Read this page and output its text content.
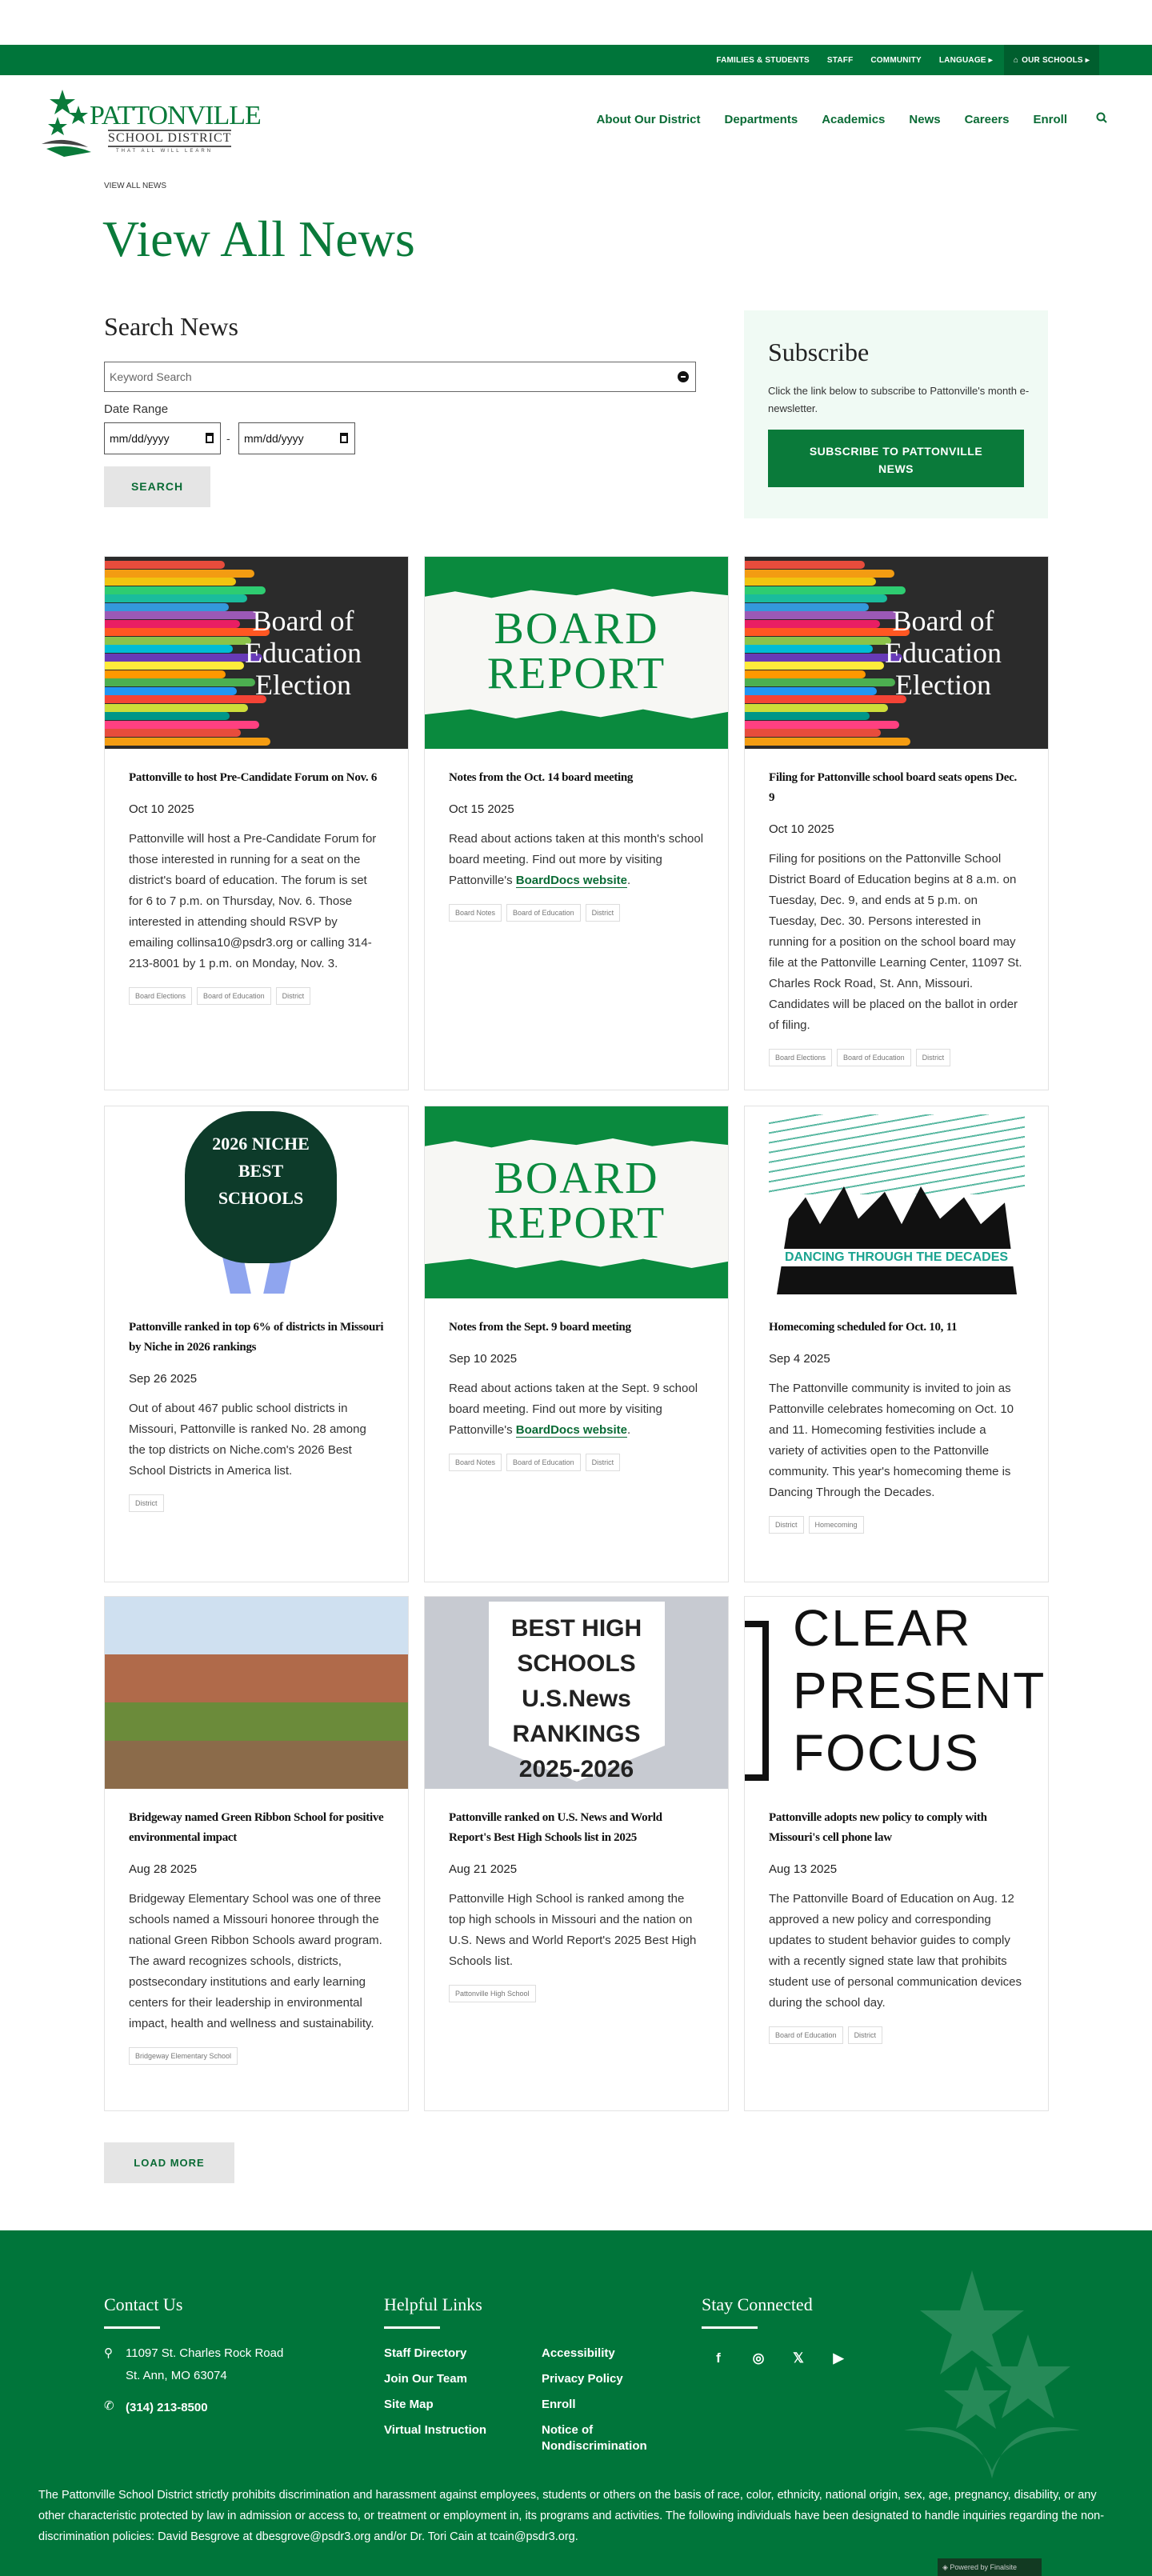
FAMILIES & STUDENTS STAFF COMMUNITY LANGUAGE ▸	⌂ OUR SCHOOLS ▸
PATTONVILLE
SCHOOL DISTRICT
THAT ALL WILL LEARN
About Our District Departments Academics News Careers Enroll
VIEW ALL NEWS
View All News
Search News
Keyword Search
Date Range
mm/dd/yyyy	-	mm/dd/yyyy
SEARCH
Subscribe

Click the link below to subscribe to Pattonville's month e-newsletter.

SUBSCRIBE TO PATTONVILLE NEWS
Board of Education Election
Pattonville to host Pre-Candidate Forum on Nov. 6
Oct 10 2025
Pattonville will host a Pre-Candidate Forum for those interested in running for a seat on the district's board of education. The forum is set for 6 to 7 p.m. on Thursday, Nov. 6. Those interested in attending should RSVP by emailing collinsa10@psdr3.org or calling 314-213-8001 by 1 p.m. on Monday, Nov. 3.
Board Elections	Board of Education	District
BOARD REPORT
Notes from the Oct. 14 board meeting
Oct 15 2025
Read about actions taken at this month's school board meeting. Find out more by visiting Pattonville's BoardDocs website.
Board Notes	Board of Education	District
Board of Education Election
Filing for Pattonville school board seats opens Dec. 9
Oct 10 2025
Filing for positions on the Pattonville School District Board of Education begins at 8 a.m. on Tuesday, Dec. 9, and ends at 5 p.m. on Tuesday, Dec. 30. Persons interested in running for a position on the school board may file at the Pattonville Learning Center, 11097 St. Charles Rock Road, St. Ann, Missouri. Candidates will be placed on the ballot in order of filing.
Board Elections	Board of Education	District
2026 NICHE BEST SCHOOLS
Pattonville ranked in top 6% of districts in Missouri by Niche in 2026 rankings
Sep 26 2025
Out of about 467 public school districts in Missouri, Pattonville is ranked No. 28 among the top districts on Niche.com's 2026 Best School Districts in America list.
District
BOARD REPORT
Notes from the Sept. 9 board meeting
Sep 10 2025
Read about actions taken at the Sept. 9 school board meeting. Find out more by visiting Pattonville's BoardDocs website.
Board Notes	Board of Education	District
DANCING THROUGH THE DECADES
Homecoming scheduled for Oct. 10, 11
Sep 4 2025
The Pattonville community is invited to join as Pattonville celebrates homecoming on Oct. 10 and 11. Homecoming festivities include a variety of activities open to the Pattonville community. This year's homecoming theme is Dancing Through the Decades.
District	Homecoming
Bridgeway named Green Ribbon School for positive environmental impact
Aug 28 2025
Bridgeway Elementary School was one of three schools named a Missouri honoree through the national Green Ribbon Schools award program. The award recognizes schools, districts, postsecondary institutions and early learning centers for their leadership in environmental impact, health and wellness and sustainability.
Bridgeway Elementary School
BEST HIGH SCHOOLS U.S.News RANKINGS 2025-2026
Pattonville ranked on U.S. News and World Report's Best High Schools list in 2025
Aug 21 2025
Pattonville High School is ranked among the top high schools in Missouri and the nation on U.S. News and World Report's 2025 Best High Schools list.
Pattonville High School
CLEAR PRESENT FOCUS
Pattonville adopts new policy to comply with Missouri's cell phone law
Aug 13 2025
The Pattonville Board of Education on Aug. 12 approved a new policy and corresponding updates to student behavior guides to comply with a recently signed state law that prohibits student use of personal communication devices during the school day.
Board of Education	District
LOAD MORE
Contact Us
⚲ 11097 St. Charles Rock Road
St. Ann, MO 63074
✆ (314) 213-8500
Helpful Links
Staff Directory
Join Our Team
Site Map
Virtual Instruction
Accessibility
Privacy Policy
Enroll
Notice of Nondiscrimination
Stay Connected
f	◎ 𝕏 ▶

The Pattonville School District strictly prohibits discrimination and harassment against employees, students or others on the basis of race, color, ethnicity, national origin, sex, age, pregnancy, disability, or any other characteristic protected by law in admission or access to, or treatment or employment in, its programs and activities. The following individuals have been designated to handle inquiries regarding the non-discrimination policies: David Besgrove at dbesgrove@psdr3.org and/or Dr. Tori Cain at tcain@psdr3.org.

◈ Powered by Finalsite
